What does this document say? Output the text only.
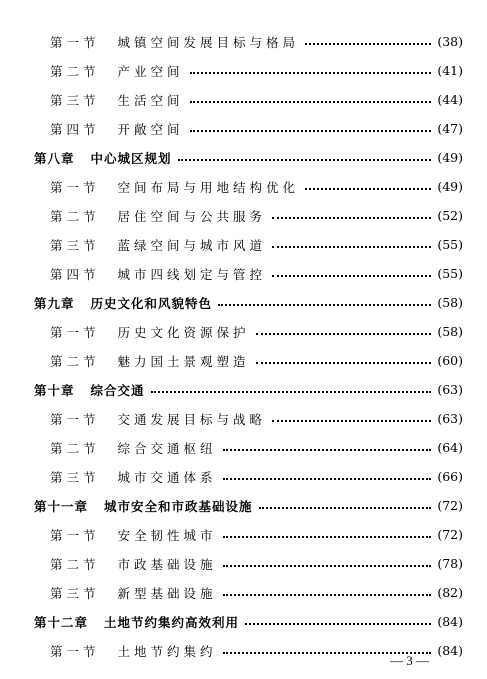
第一节 城镇空间发展目标与格局	(38)
第二节 产业空间	(41)
第三节 生活空间	(44)
第四节 开敞空间	(47)
第八章 中心城区规划	(49)
第一节 空间布局与用地结构优化	(49)
第二节 居住空间与公共服务	(52)
第三节 蓝绿空间与城市风道	(55)
第四节 城市四线划定与管控	(55)
第九章 历史文化和风貌特色	(58)
第一节 历史文化资源保护	(58)
第二节 魅力国土景观塑造	(60)
第十章 综合交通	(63)
第一节 交通发展目标与战略	(63)
第二节 综合交通枢纽	(64)
第三节 城市交通体系	(66)
第十一章 城市安全和市政基础设施	(72)
第一节 安全韧性城市	(72)
第二节 市政基础设施	(78)
第三节 新型基础设施	(82)
第十二章 土地节约集约高效利用	(84)
第一节 土地节约集约	(84)
— 3 —
